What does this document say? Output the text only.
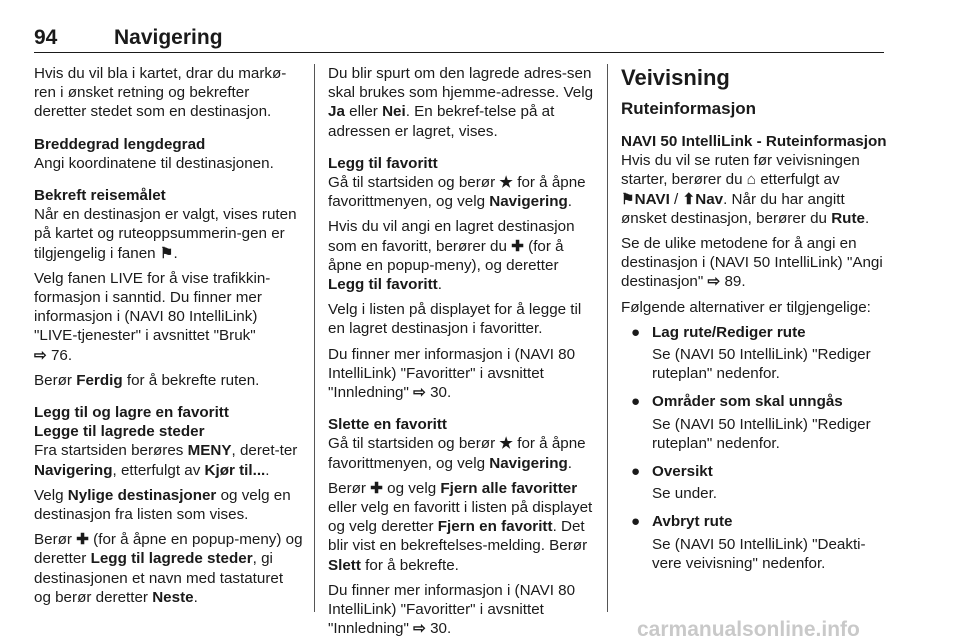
94	Navigering

Hvis du vil bla i kartet, drar du markø-ren i ønsket retning og bekrefter deretter stedet som en destinasjon.

Breddegrad lengdegrad

Angi koordinatene til destinasjonen.

Bekreft reisemålet

Når en destinasjon er valgt, vises ruten på kartet og ruteoppsummerin-gen er tilgjengelig i fanen ⚑.

Velg fanen LIVE for å vise trafikkin-formasjon i sanntid. Du finner mer informasjon i (NAVI 80 IntelliLink) "LIVE-tjenester" i avsnittet "Bruk"
⇨ 76.

Berør Ferdig for å bekrefte ruten.

Legg til og lagre en favoritt

Legge til lagrede steder

Fra startsiden berøres MENY, deret-ter Navigering, etterfulgt av Kjør til....

Velg Nylige destinasjoner og velg en destinasjon fra listen som vises.

Berør ✚ (for å åpne en popup-meny) og deretter Legg til lagrede steder, gi destinasjonen et navn med tastaturet og berør deretter Neste.

Du blir spurt om den lagrede adres-sen skal brukes som hjemme-adresse. Velg Ja eller Nei. En bekref-telse på at adressen er lagret, vises.

Legg til favoritt

Gå til startsiden og berør ★ for å åpne favorittmenyen, og velg Navigering.

Hvis du vil angi en lagret destinasjon som en favoritt, berører du ✚ (for å åpne en popup-meny), og deretter Legg til favoritt.

Velg i listen på displayet for å legge til en lagret destinasjon i favoritter.

Du finner mer informasjon i (NAVI 80 IntelliLink) "Favoritter" i avsnittet "Innledning" ⇨ 30.

Slette en favoritt

Gå til startsiden og berør ★ for å åpne favorittmenyen, og velg Navigering.

Berør ✚ og velg Fjern alle favoritter eller velg en favoritt i listen på displayet og velg deretter Fjern en favoritt. Det blir vist en bekreftelses-melding. Berør Slett for å bekrefte.

Du finner mer informasjon i (NAVI 80 IntelliLink) "Favoritter" i avsnittet "Innledning" ⇨ 30.

Veivisning
Ruteinformasjon

NAVI 50 IntelliLink - Ruteinformasjon

Hvis du vil se ruten før veivisningen starter, berører du ⌂ etterfulgt av
⚑NAVI / ⬆Nav. Når du har angitt ønsket destinasjon, berører du Rute.

Se de ulike metodene for å angi en destinasjon i (NAVI 50 IntelliLink) "Angi destinasjon" ⇨ 89.

Følgende alternativer er tilgjengelige:

● Lag rute/Rediger rute
Se (NAVI 50 IntelliLink) "Rediger ruteplan" nedenfor.
● Områder som skal unngås
Se (NAVI 50 IntelliLink) "Rediger ruteplan" nedenfor.
● Oversikt
Se under.
● Avbryt rute
Se (NAVI 50 IntelliLink) "Deakti-vere veivisning" nedenfor.
carmanualsonline.info
